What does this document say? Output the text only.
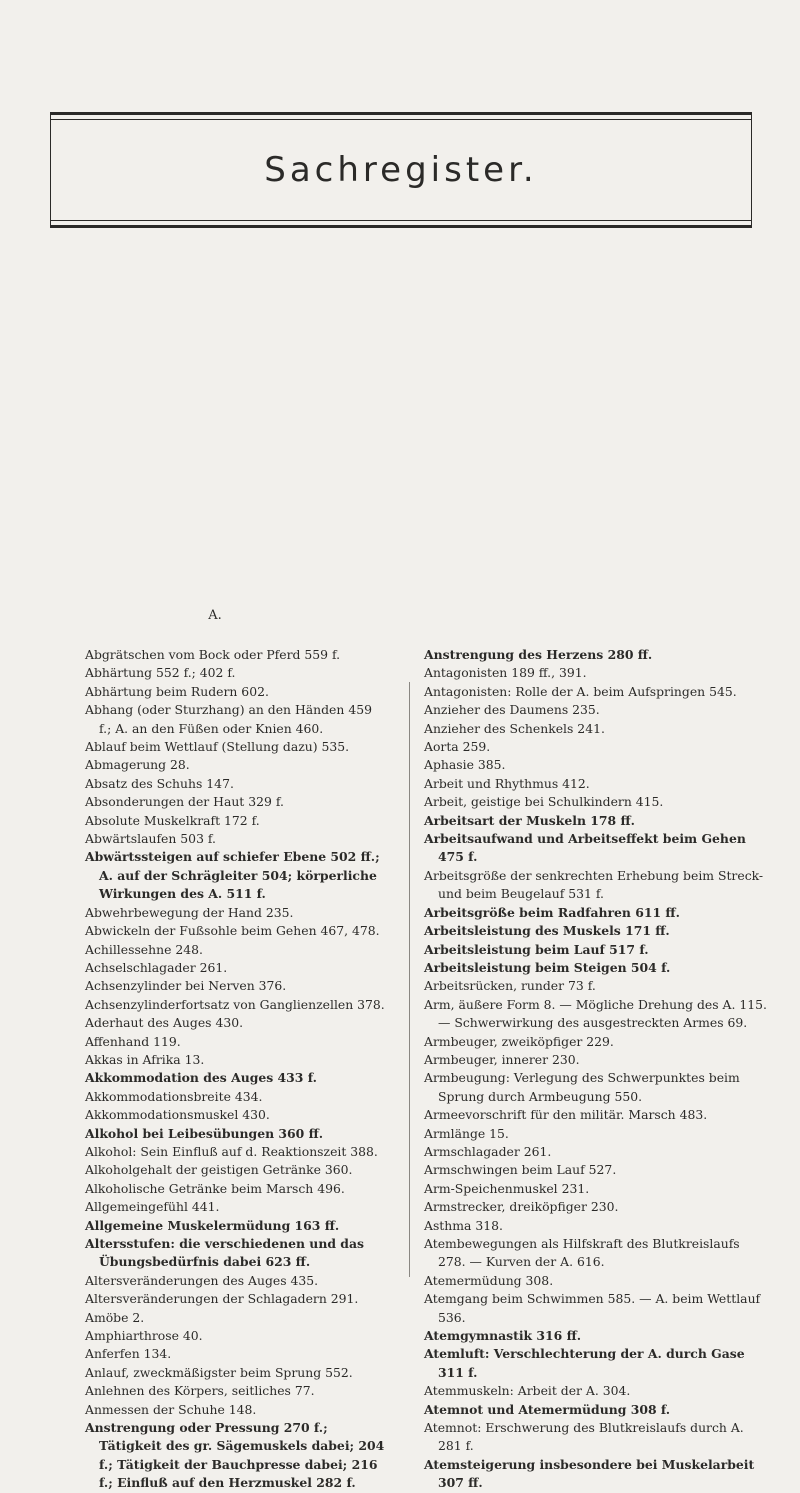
Sachregister.
A.

Abgrätschen vom Bock oder Pferd 559 f.

Abhärtung 552 f.; 402 f.

Abhärtung beim Rudern 602.

Abhang (oder Sturzhang) an den Händen 459 f.; A. an den Füßen oder Knien 460.

Ablauf beim Wettlauf (Stellung dazu) 535.

Abmagerung 28.

Absatz des Schuhs 147.

Absonderungen der Haut 329 f.

Absolute Muskelkraft 172 f.

Abwärtslaufen 503 f.

Abwärtssteigen auf schiefer Ebene 502 ff.; A. auf der Schrägleiter 504; körperliche Wirkungen des A. 511 f.

Abwehrbewegung der Hand 235.

Abwickeln der Fußsohle beim Gehen 467, 478.

Achillessehne 248.

Achselschlagader 261.

Achsenzylinder bei Nerven 376.

Achsenzylinderfortsatz von Ganglienzellen 378.

Aderhaut des Auges 430.

Affenhand 119.

Akkas in Afrika 13.

Akkommodation des Auges 433 f.

Akkommodationsbreite 434.

Akkommodationsmuskel 430.

Alkohol bei Leibesübungen 360 ff.

Alkohol: Sein Einfluß auf d. Reaktionszeit 388.

Alkoholgehalt der geistigen Getränke 360.

Alkoholische Getränke beim Marsch 496.

Allgemeingefühl 441.

Allgemeine Muskelermüdung 163 ff.

Altersstufen: die verschiedenen und das Übungsbedürfnis dabei 623 ff.

Altersveränderungen des Auges 435.

Altersveränderungen der Schlagadern 291.

Amöbe 2.

Amphiarthrose 40.

Anferfen 134.

Anlauf, zweckmäßigster beim Sprung 552.

Anlehnen des Körpers, seitliches 77.

Anmessen der Schuhe 148.

Anstrengung oder Pressung 270 f.; Tätigkeit des gr. Sägemuskels dabei; 204 f.; Tätigkeit der Bauchpresse dabei; 216 f.; Einfluß auf den Herzmuskel 282 f.

Anstrengung des Herzens 280 ff.

Antagonisten 189 ff., 391.

Antagonisten: Rolle der A. beim Aufspringen 545.

Anzieher des Daumens 235.

Anzieher des Schenkels 241.

Aorta 259.

Aphasie 385.

Arbeit und Rhythmus 412.

Arbeit, geistige bei Schulkindern 415.

Arbeitsart der Muskeln 178 ff.

Arbeitsaufwand und Arbeitseffekt beim Gehen 475 f.

Arbeitsgröße der senkrechten Erhebung beim Streck- und beim Beugelauf 531 f.

Arbeitsgröße beim Radfahren 611 ff.

Arbeitsleistung des Muskels 171 ff.

Arbeitsleistung beim Lauf 517 f.

Arbeitsleistung beim Steigen 504 f.

Arbeitsrücken, runder 73 f.

Arm, äußere Form 8. — Mögliche Drehung des A. 115. — Schwerwirkung des ausgestreckten Armes 69.

Armbeuger, zweiköpfiger 229.

Armbeuger, innerer 230.

Armbeugung: Verlegung des Schwerpunktes beim Sprung durch Armbeugung 550.

Armeevorschrift für den militär. Marsch 483.

Armlänge 15.

Armschlagader 261.

Armschwingen beim Lauf 527.

Arm-Speichenmuskel 231.

Armstrecker, dreiköpfiger 230.

Asthma 318.

Atembewegungen als Hilfskraft des Blutkreislaufs 278. — Kurven der A. 616.

Atemermüdung 308.

Atemgang beim Schwimmen 585. — A. beim Wettlauf 536.

Atemgymnastik 316 ff.

Atemluft: Verschlechterung der A. durch Gase 311 f.

Atemmuskeln: Arbeit der A. 304.

Atemnot und Atemermüdung 308 f.

Atemnot: Erschwerung des Blutkreislaufs durch A. 281 f.

Atemsteigerung insbesondere bei Muskelarbeit 307 ff.
